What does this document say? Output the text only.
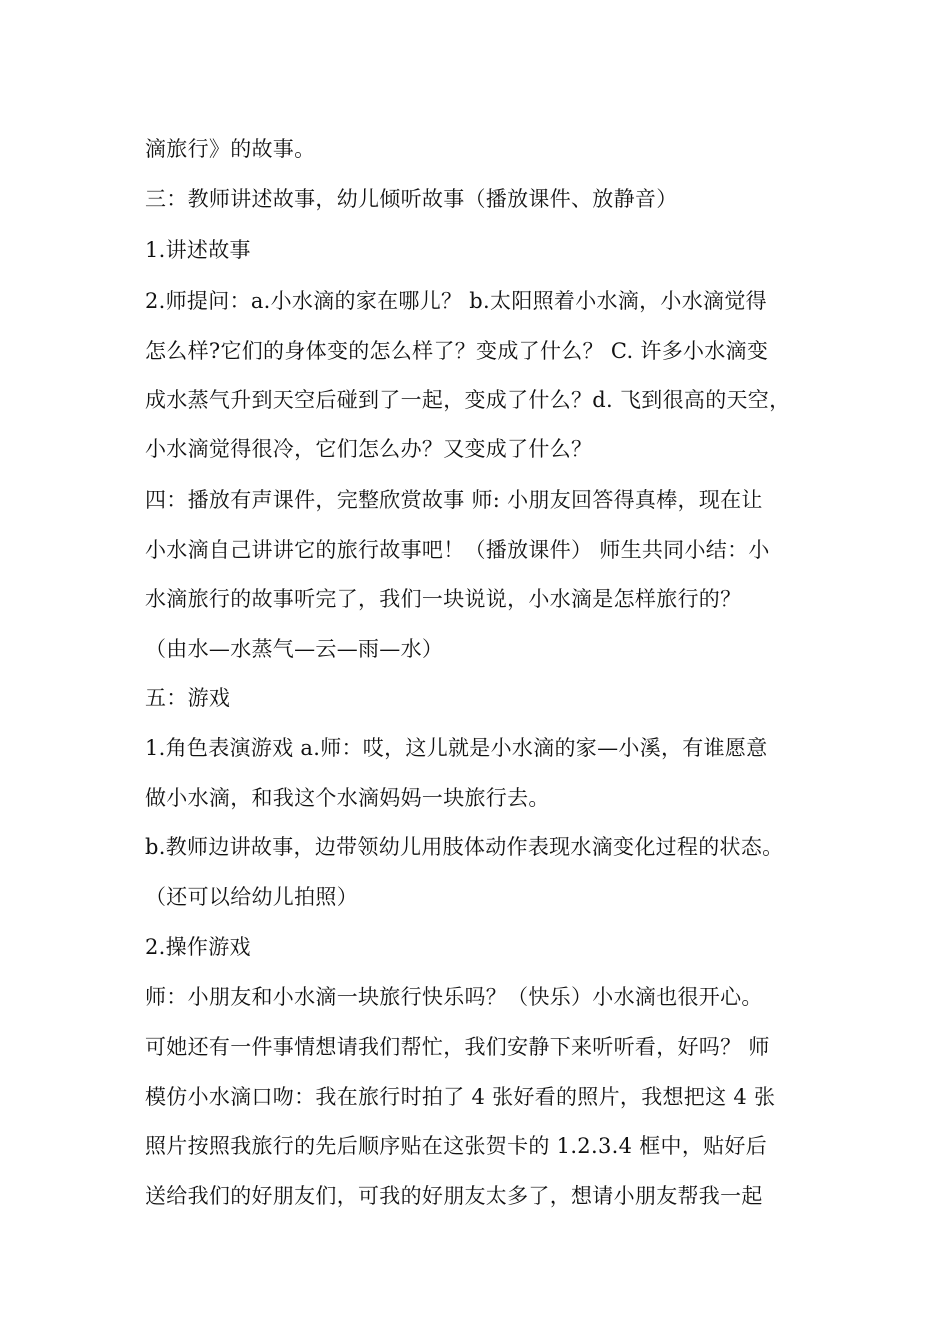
滴旅行》的故事。
三：教师讲述故事，幼儿倾听故事（播放课件、放静音）
1.讲述故事
2.师提问：a.小水滴的家在哪儿？ b.太阳照着小水滴，小水滴觉得
怎么样?它们的身体变的怎么样了？变成了什么？ C. 许多小水滴变
成水蒸气升到天空后碰到了一起，变成了什么？d. 飞到很高的天空，
小水滴觉得很冷，它们怎么办？又变成了什么？
四：播放有声课件，完整欣赏故事 师: 小朋友回答得真棒，现在让
小水滴自己讲讲它的旅行故事吧！（播放课件） 师生共同小结：小
水滴旅行的故事听完了，我们一块说说，小水滴是怎样旅行的？
（由水—水蒸气—云—雨—水）
五：游戏
1.角色表演游戏 a.师：哎，这儿就是小水滴的家—小溪，有谁愿意
做小水滴，和我这个水滴妈妈一块旅行去。
b.教师边讲故事，边带领幼儿用肢体动作表现水滴变化过程的状态。
（还可以给幼儿拍照）
2.操作游戏
师：小朋友和小水滴一块旅行快乐吗？（快乐）小水滴也很开心。
可她还有一件事情想请我们帮忙，我们安静下来听听看，好吗？ 师
模仿小水滴口吻：我在旅行时拍了 4 张好看的照片，我想把这 4 张
照片按照我旅行的先后顺序贴在这张贺卡的 1.2.3.4 框中，贴好后
送给我们的好朋友们，可我的好朋友太多了，想请小朋友帮我一起
